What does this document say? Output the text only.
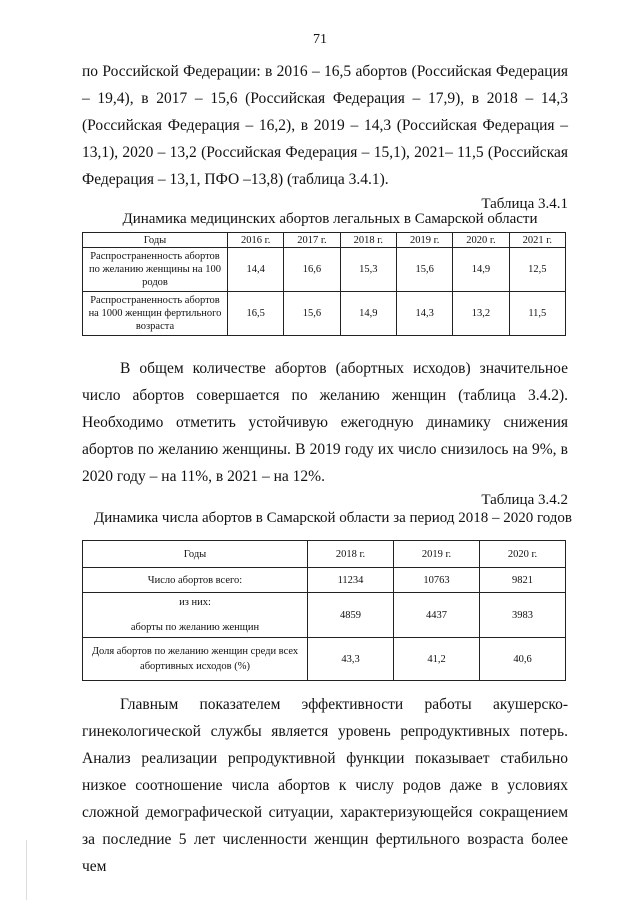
71

по Российской Федерации: в 2016 – 16,5 абортов (Российская Федерация – 19,4), в 2017 – 15,6 (Российская Федерация – 17,9), в 2018 – 14,3 (Российская Федерация – 16,2), в 2019 – 14,3 (Российская Федерация – 13,1), 2020 – 13,2 (Российская Федерация – 15,1), 2021– 11,5 (Российская Федерация – 13,1, ПФО –13,8) (таблица 3.4.1).

Таблица 3.4.1
Динамика медицинских абортов легальных в Самарской области
Годы	2016 г.	2017 г.	2018 г.	2019 г.	2020 г.	2021 г.
Распространенность абортов по желанию женщины на 100 родов	14,4	16,6	15,3	15,6	14,9	12,5
Распространенность абортов на 1000 женщин фертильного возраста	16,5	15,6	14,9	14,3	13,2	11,5

В общем количестве абортов (абортных исходов) значительное число абортов совершается по желанию женщин (таблица 3.4.2). Необходимо отметить устойчивую ежегодную динамику снижения абортов по желанию женщины. В 2019 году их число снизилось на 9%, в 2020 году – на 11%, в 2021 – на 12%.

Таблица 3.4.2
Динамика числа абортов в Самарской области за период 2018 – 2020 годов
Годы	2018 г.	2019 г.	2020 г.
Число абортов всего:	11234	10763	9821

из них:
аборты по желанию женщин	4859	4437	3983
Доля абортов по желанию женщин среди всех абортивных исходов (%)	43,3	41,2	40,6

Главным показателем эффективности работы акушерско-гинекологической службы является уровень репродуктивных потерь. Анализ реализации репродуктивной функции показывает стабильно низкое соотношение числа абортов к числу родов даже в условиях сложной демографической ситуации, характеризующейся сокращением за последние 5 лет численности женщин фертильного возраста более чем
